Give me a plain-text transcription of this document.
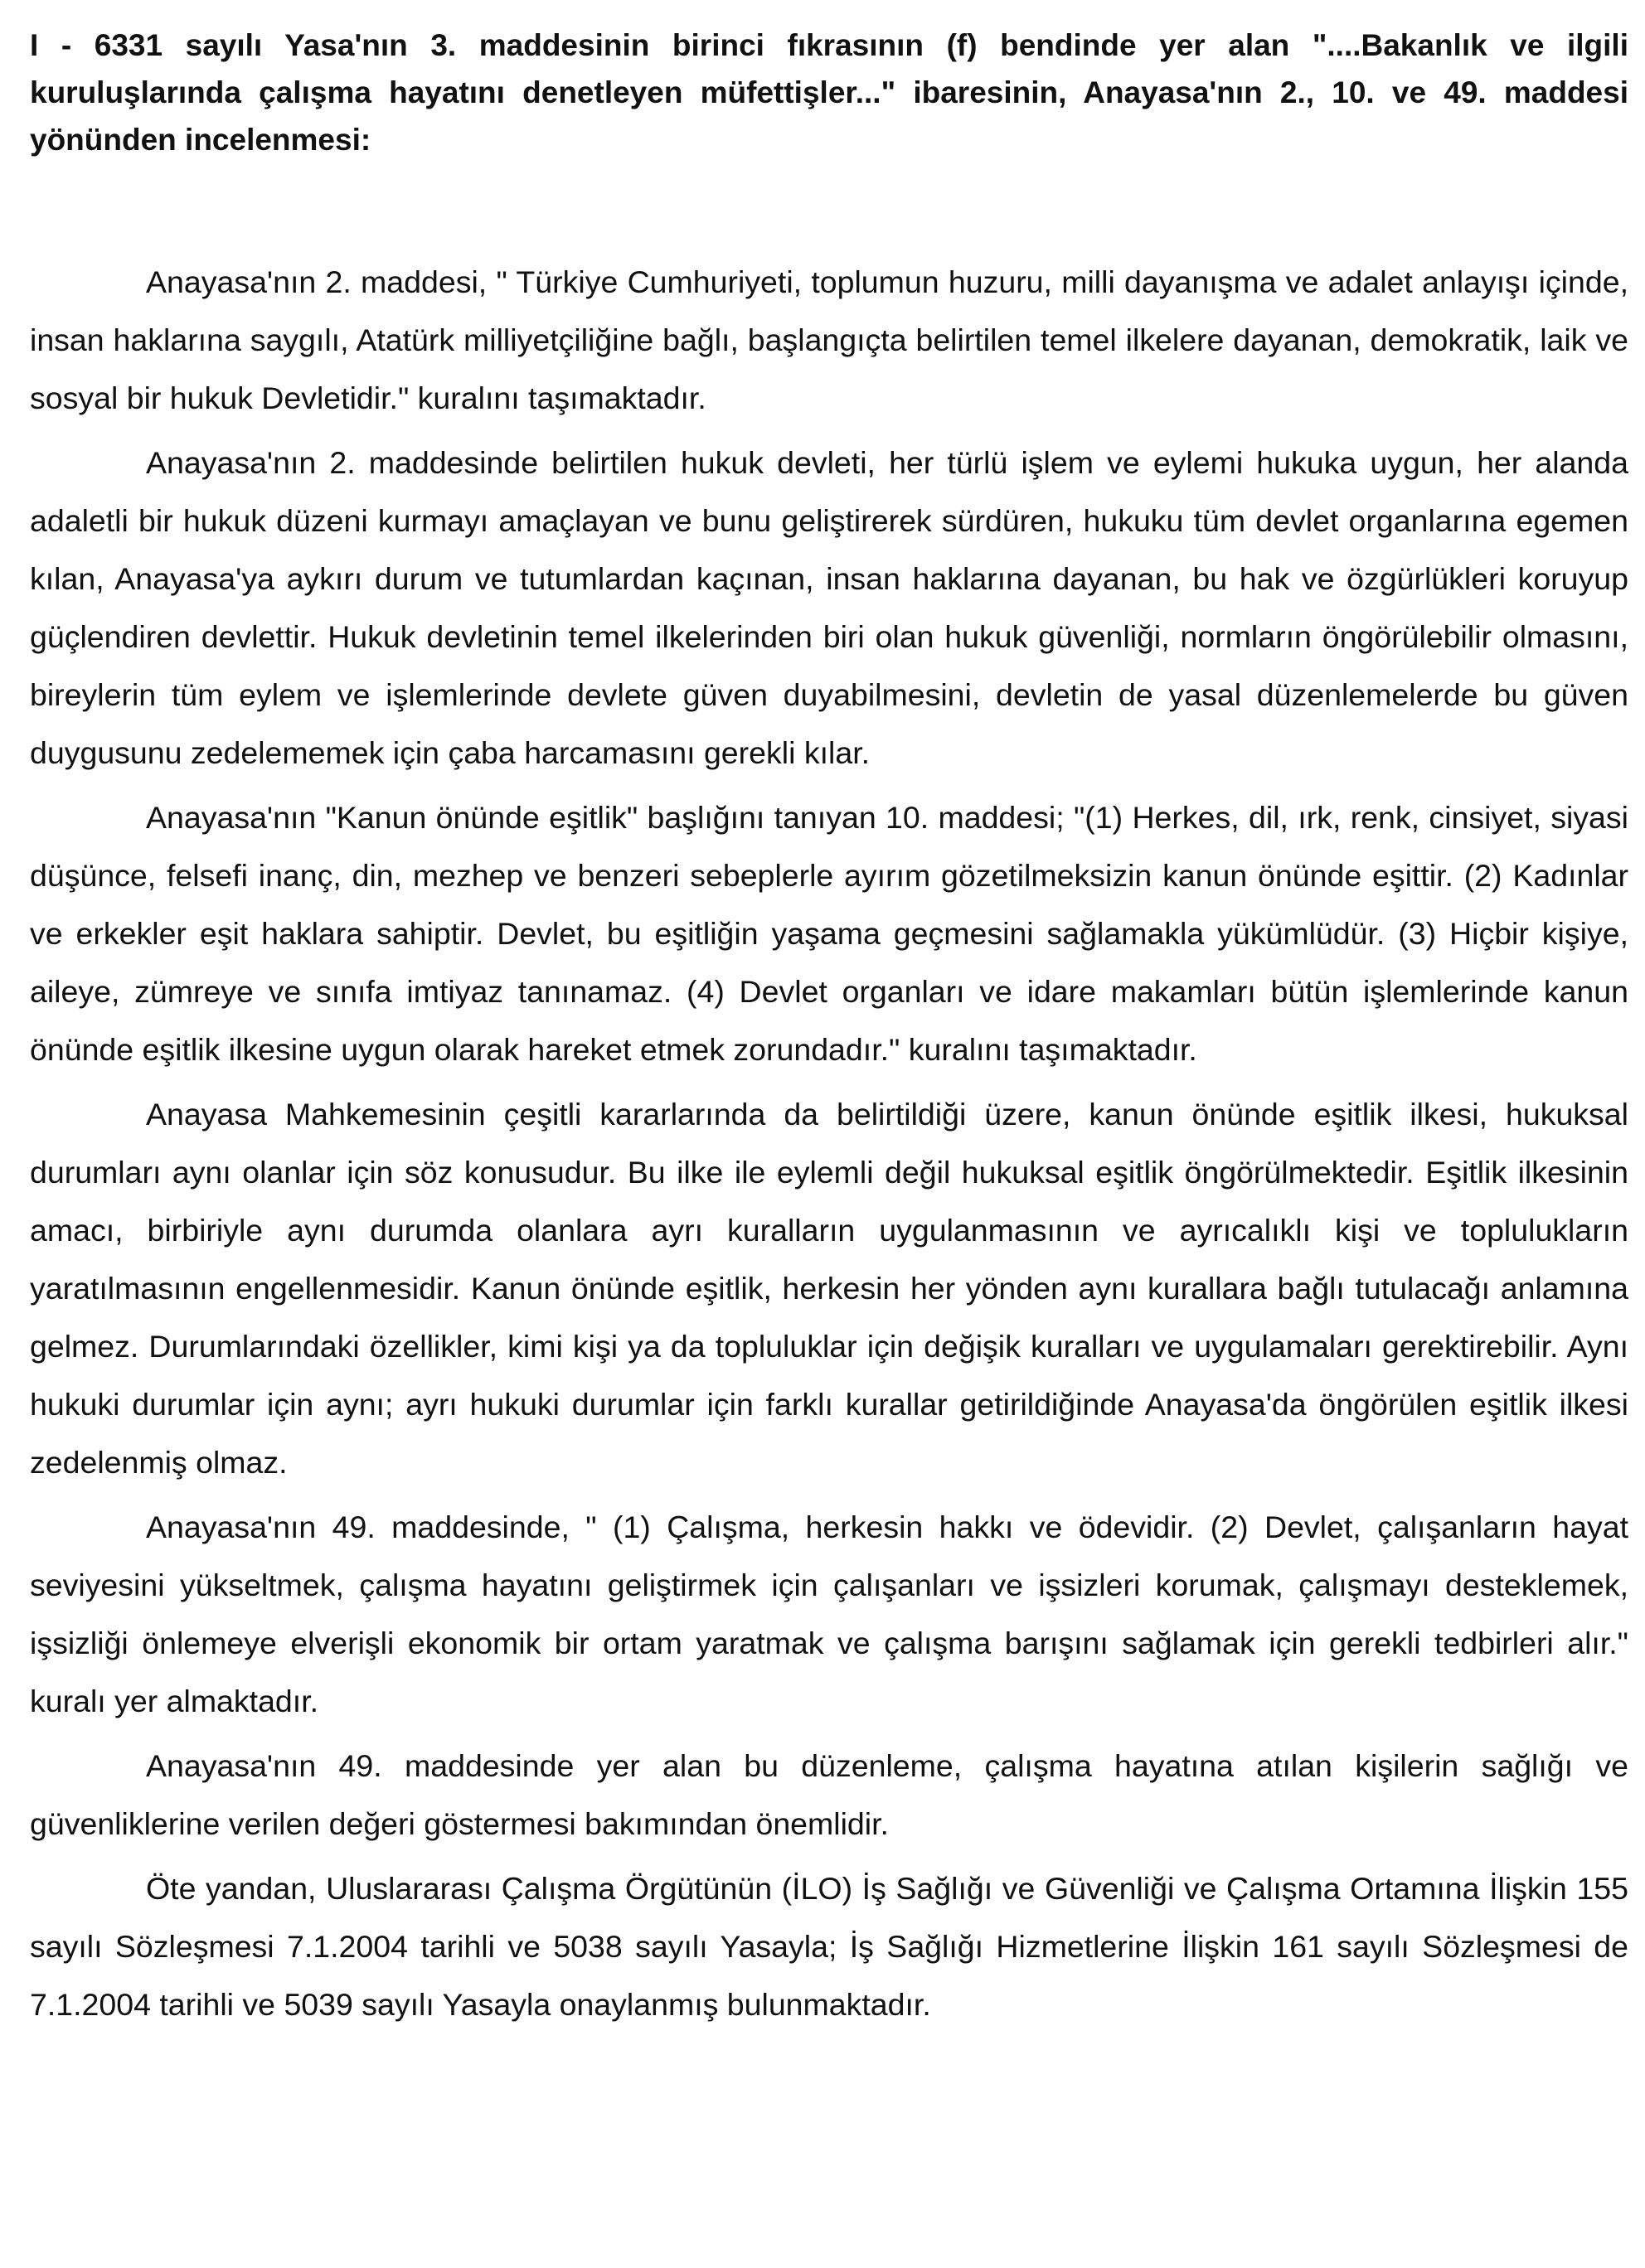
I - 6331 sayılı Yasa'nın 3. maddesinin birinci fıkrasının (f) bendinde yer alan "....Bakanlık ve ilgili kuruluşlarında çalışma hayatını denetleyen müfettişler..." ibaresinin, Anayasa'nın 2., 10. ve 49. maddesi yönünden incelenmesi:

Anayasa'nın 2. maddesi, " Türkiye Cumhuriyeti, toplumun huzuru, milli dayanışma ve adalet anlayışı içinde, insan haklarına saygılı, Atatürk milliyetçiliğine bağlı, başlangıçta belirtilen temel ilkelere dayanan, demokratik, laik ve sosyal bir hukuk Devletidir." kuralını taşımaktadır.

Anayasa'nın 2. maddesinde belirtilen hukuk devleti, her türlü işlem ve eylemi hukuka uygun, her alanda adaletli bir hukuk düzeni kurmayı amaçlayan ve bunu geliştirerek sürdüren, hukuku tüm devlet organlarına egemen kılan, Anayasa'ya aykırı durum ve tutumlardan kaçınan, insan haklarına dayanan, bu hak ve özgürlükleri koruyup güçlendiren devlettir. Hukuk devletinin temel ilkelerinden biri olan hukuk güvenliği, normların öngörülebilir olmasını, bireylerin tüm eylem ve işlemlerinde devlete güven duyabilmesini, devletin de yasal düzenlemelerde bu güven duygusunu zedelememek için çaba harcamasını gerekli kılar.

Anayasa'nın "Kanun önünde eşitlik" başlığını tanıyan 10. maddesi; "(1) Herkes, dil, ırk, renk, cinsiyet, siyasi düşünce, felsefi inanç, din, mezhep ve benzeri sebeplerle ayırım gözetilmeksizin kanun önünde eşittir. (2) Kadınlar ve erkekler eşit haklara sahiptir. Devlet, bu eşitliğin yaşama geçmesini sağlamakla yükümlüdür. (3) Hiçbir kişiye, aileye, zümreye ve sınıfa imtiyaz tanınamaz. (4) Devlet organları ve idare makamları bütün işlemlerinde kanun önünde eşitlik ilkesine uygun olarak hareket etmek zorundadır." kuralını taşımaktadır.

Anayasa Mahkemesinin çeşitli kararlarında da belirtildiği üzere, kanun önünde eşitlik ilkesi, hukuksal durumları aynı olanlar için söz konusudur. Bu ilke ile eylemli değil hukuksal eşitlik öngörülmektedir. Eşitlik ilkesinin amacı, birbiriyle aynı durumda olanlara ayrı kuralların uygulanmasının ve ayrıcalıklı kişi ve toplulukların yaratılmasının engellenmesidir. Kanun önünde eşitlik, herkesin her yönden aynı kurallara bağlı tutulacağı anlamına gelmez. Durumlarındaki özellikler, kimi kişi ya da topluluklar için değişik kuralları ve uygulamaları gerektirebilir. Aynı hukuki durumlar için aynı; ayrı hukuki durumlar için farklı kurallar getirildiğinde Anayasa'da öngörülen eşitlik ilkesi zedelenmiş olmaz.

Anayasa'nın 49. maddesinde, " (1) Çalışma, herkesin hakkı ve ödevidir. (2) Devlet, çalışanların hayat seviyesini yükseltmek, çalışma hayatını geliştirmek için çalışanları ve işsizleri korumak, çalışmayı desteklemek, işsizliği önlemeye elverişli ekonomik bir ortam yaratmak ve çalışma barışını sağlamak için gerekli tedbirleri alır." kuralı yer almaktadır.

Anayasa'nın 49. maddesinde yer alan bu düzenleme, çalışma hayatına atılan kişilerin sağlığı ve güvenliklerine verilen değeri göstermesi bakımından önemlidir.

Öte yandan, Uluslararası Çalışma Örgütünün (İLO) İş Sağlığı ve Güvenliği ve Çalışma Ortamına İlişkin 155 sayılı Sözleşmesi 7.1.2004 tarihli ve 5038 sayılı Yasayla; İş Sağlığı Hizmetlerine İlişkin 161 sayılı Sözleşmesi de 7.1.2004 tarihli ve 5039 sayılı Yasayla onaylanmış bulunmaktadır.
